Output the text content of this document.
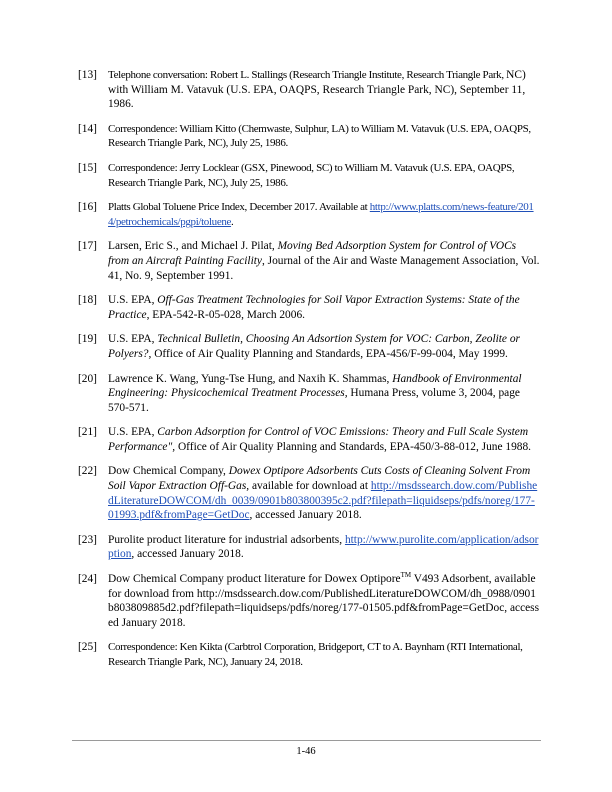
[13]	Telephone conversation: Robert L. Stallings (Research Triangle Institute, Research Triangle Park, NC) with William M. Vatavuk (U.S. EPA, OAQPS, Research Triangle Park, NC), September 11, 1986.
[14]	Correspondence: William Kitto (Chemwaste, Sulphur, LA) to William M. Vatavuk (U.S. EPA, OAQPS, Research Triangle Park, NC), July 25, 1986.
[15]	Correspondence: Jerry Locklear (GSX, Pinewood, SC) to William M. Vatavuk (U.S. EPA, OAQPS, Research Triangle Park, NC), July 25, 1986.
[16]	Platts Global Toluene Price Index, December 2017. Available at http://www.platts.com/news-feature/2014/petrochemicals/pgpi/toluene.
[17] Larsen, Eric S., and Michael J. Pilat, Moving Bed Adsorption System for Control of VOCs from an Aircraft Painting Facility, Journal of the Air and Waste Management Association, Vol. 41, No. 9, September 1991.
[18] U.S. EPA, Off-Gas Treatment Technologies for Soil Vapor Extraction Systems: State of the Practice, EPA-542-R-05-028, March 2006.
[19] U.S. EPA, Technical Bulletin, Choosing An Adsortion System for VOC: Carbon, Zeolite or Polyers?, Office of Air Quality Planning and Standards, EPA-456/F-99-004, May 1999.
[20] Lawrence K. Wang, Yung-Tse Hung, and Naxih K. Shammas, Handbook of Environmental Engineering: Physicochemical Treatment Processes, Humana Press, volume 3, 2004, page 570-571.
[21] U.S. EPA, Carbon Adsorption for Control of VOC Emissions: Theory and Full Scale System Performance", Office of Air Quality Planning and Standards, EPA-450/3-88-012, June 1988.
[22] Dow Chemical Company, Dowex Optipore Adsorbents Cuts Costs of Cleaning Solvent From Soil Vapor Extraction Off-Gas, available for download at http://msdssearch.dow.com/PublishedLiteratureDOWCOM/dh_0039/0901b803800395c2.pdf?filepath=liquidseps/pdfs/noreg/177-01993.pdf&fromPage=GetDoc, accessed January 2018.
[23] Purolite product literature for industrial adsorbents, http://www.purolite.com/application/adsorption, accessed January 2018.
[24] Dow Chemical Company product literature for Dowex Optipore™ V493 Adsorbent, available for download from http://msdssearch.dow.com/PublishedLiteratureDOWCOM/dh_0988/0901b803809885d2.pdf?filepath=liquidseps/pdfs/noreg/177-01505.pdf&fromPage=GetDoc, accessed January 2018.
[25]	Correspondence: Ken Kikta (Carbtrol Corporation, Bridgeport, CT to A. Baynham (RTI International, Research Triangle Park, NC), January 24, 2018.
1-46
